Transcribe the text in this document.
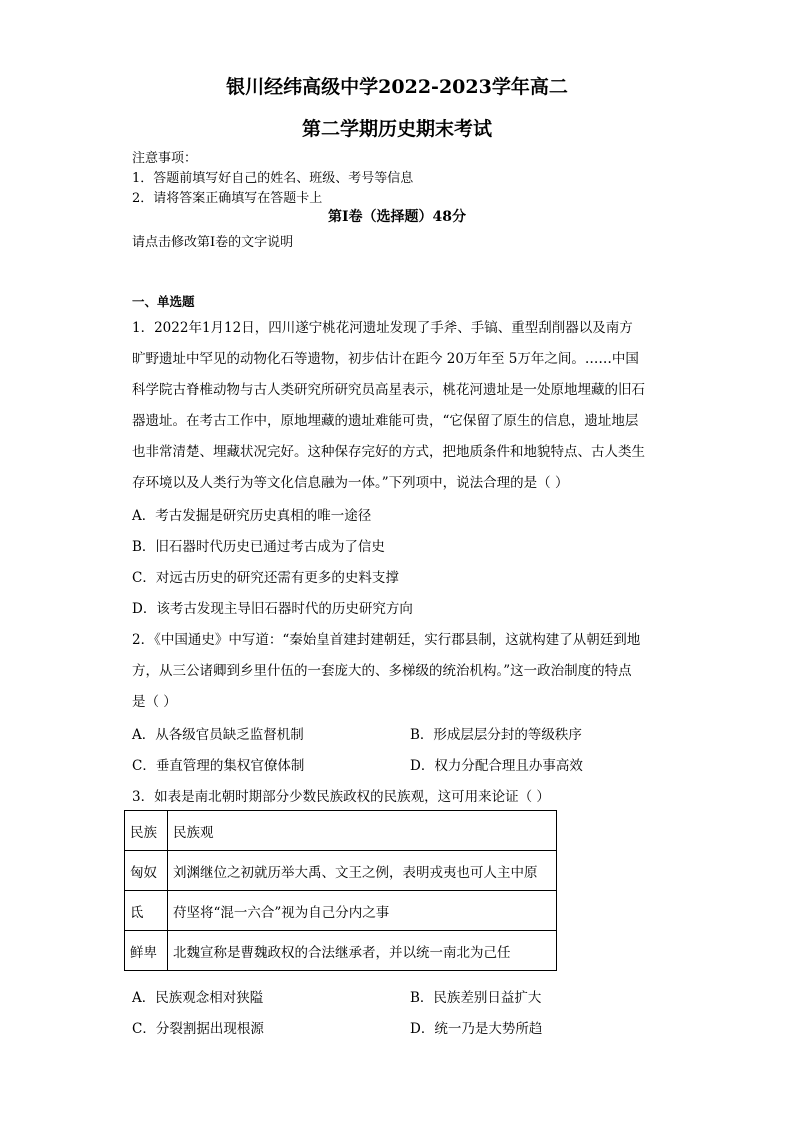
银川经纬高级中学2022-2023学年高二
第二学期历史期末考试
注意事项：
1．答题前填写好自己的姓名、班级、考号等信息
2．请将答案正确填写在答题卡上
第I卷（选择题）48分
请点击修改第I卷的文字说明
一、单选题
1．2022年1月12日，四川遂宁桃花河遗址发现了手斧、手镐、重型刮削器以及南方
旷野遗址中罕见的动物化石等遗物，初步估计在距今 20万年至 5万年之间。……中国
科学院古脊椎动物与古人类研究所研究员高星表示，桃花河遗址是一处原地埋藏的旧石
器遗址。在考古工作中，原地埋藏的遗址难能可贵，“它保留了原生的信息，遗址地层
也非常清楚、埋藏状况完好。这种保存完好的方式，把地质条件和地貌特点、古人类生
存环境以及人类行为等文化信息融为一体。”下列项中，说法合理的是（ ）
A．考古发掘是研究历史真相的唯一途径
B．旧石器时代历史已通过考古成为了信史
C．对远古历史的研究还需有更多的史料支撑
D．该考古发现主导旧石器时代的历史研究方向
2．《中国通史》中写道：“秦始皇首建封建朝廷，实行郡县制，这就构建了从朝廷到地
方，从三公诸卿到乡里什伍的一套庞大的、多梯级的统治机构。”这一政治制度的特点
是（ ）
A．从各级官员缺乏监督机制	B．形成层层分封的等级秩序
C．垂直管理的集权官僚体制	D．权力分配合理且办事高效
3．如表是南北朝时期部分少数民族政权的民族观，这可用来论证（ ）
民族	民族观
匈奴	刘渊继位之初就历举大禹、文王之例，表明戎夷也可人主中原
氐	苻坚将“混一六合”视为自己分内之事
鲜卑	北魏宣称是曹魏政权的合法继承者，并以统一南北为己任
A．民族观念相对狭隘	B．民族差别日益扩大
C．分裂割据出现根源	D．统一乃是大势所趋
